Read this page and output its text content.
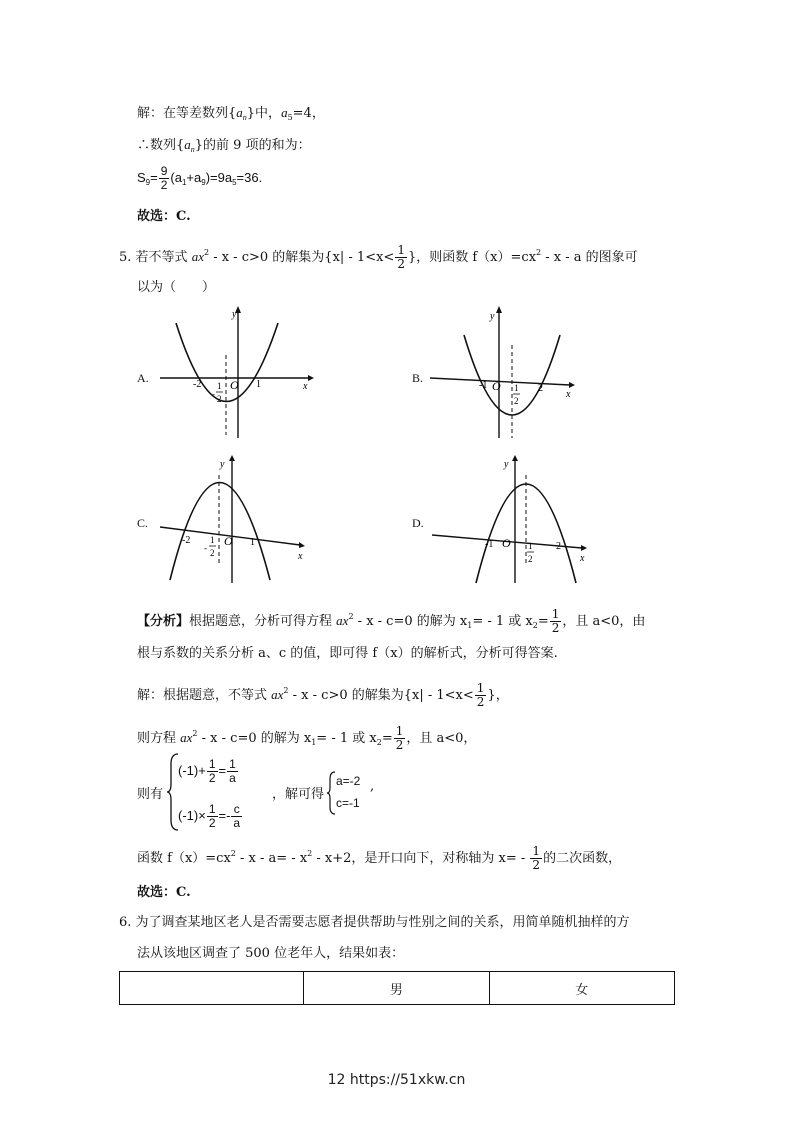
解：在等差数列$\{a_n\}$中，$a_5=4$，
∴数列$\{a_n\}$的前 9 项的和为：
$S_9= \frac{9}{2} (a_1+a_9)=9a_5=36$.
故选：C.
5. 若不等式 $ax^2 - x - c>0$ 的解集为{$x| - 1<x< \frac{1}{2}$ }，则函数 $f(x)=cx^2 - x - a$ 的图象可
以为（　　）
A.	B.
C.	D.
y
x
O
-2	1
-
1
2
y
x
O
-1	2
1
2
y
x
O
-2	1
-
1
2
y
x
O
-1	2
1
2
【分析】根据题意，分析可得方程 $ax^2 - x - c=0$ 的解为 $x_1= - 1$ 或 $x_2= \frac{1}{2}$ ，且 a<0，由
根与系数的关系分析 a、c 的值，即可得 f（x）的解析式，分析可得答案.
解：根据题意，不等式 $ax^2 - x - c>0$ 的解集为{$x| - 1<x< \frac{1}{2}$ }，
则方程 $ax^2 - x - c=0$ 的解为 $x_1= - 1$ 或 $x_2= \frac{1}{2}$ ，且 a<0，
则有
$(-1)+ \frac{1}{2} = \frac{1}{a}$
$(-1)\times \frac{1}{2} =- \frac{c}{a}$
，解可得
a=-2
c=-1
,
函数 $f(x)=cx^2 - x - a= - x^2 - x+2$，是开口向下，对称轴为 $x= - \frac{1}{2}$ 的二次函数，
故选：C.
6. 为了调查某地区老人是否需要志愿者提供帮助与性别之间的关系，用简单随机抽样的方
法从该地区调查了 500 位老年人，结果如表：
	男	女
12 https://51xkw.cn
